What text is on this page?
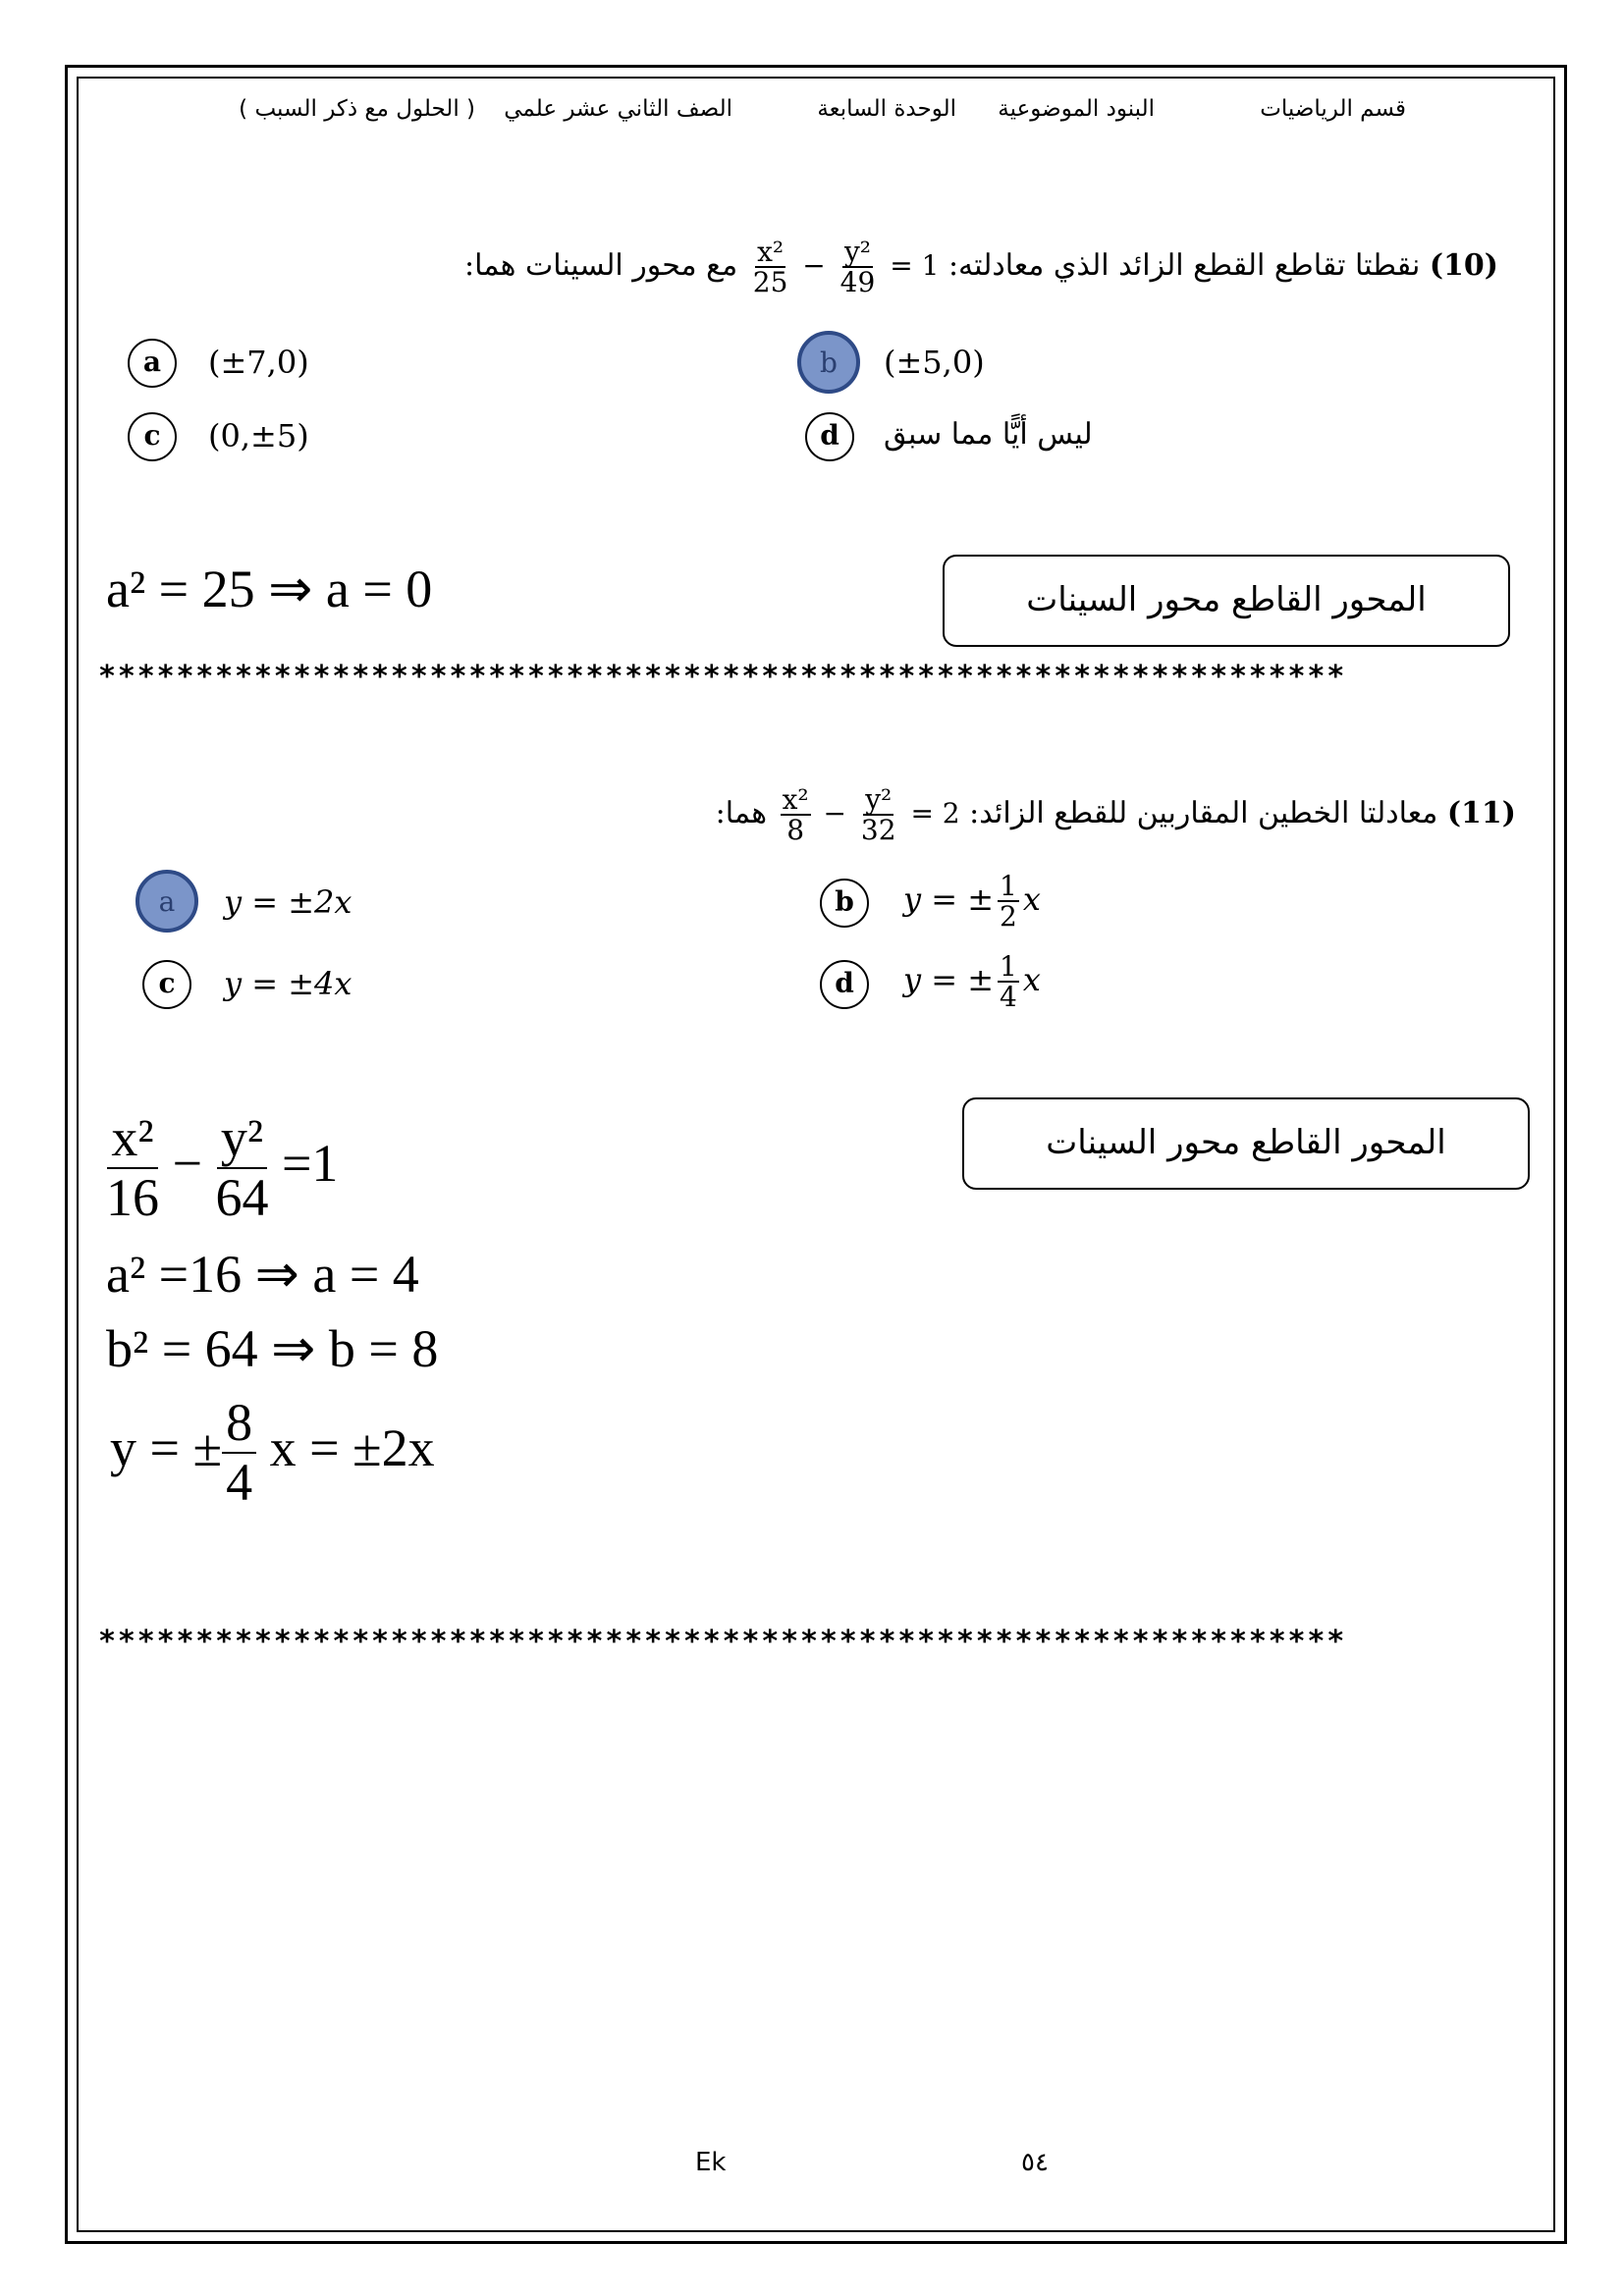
قسم الرياضيات
البنود الموضوعية
الوحدة السابعة
الصف الثاني عشر علمي
( الحلول مع ذكر السبب )
(10) نقطتا تقاطع القطع الزائد الذي معادلته:
$\frac{\text{x²}}{25} - \frac{\text{y²}}{49} = 1$ مع محور السينات هما:
a	(±7,0)	b	(±5,0)
c	(0,±5)	d	ليس أيًّا مما سبق
a² = 25 ⇒ a = 0	المحور القاطع محور السينات
****************************************************************
(11) معادلتا الخطين المقاربين للقطع الزائد:
$\frac{\text{x²}}{8} - \frac{\text{y²}}{32} = 2$ هما:
a	y = ±2x	b	y = ± $\frac{1}{2}$ x
c	y = ±4x	d	y = ± $\frac{1}{4}$ x
المحور القاطع محور السينات
$\frac{\text{x²}}{16} - \frac{\text{y²}}{64} =1$
a² =16 ⇒ a = 4
b² = 64 ⇒ b = 8
y = ± $\frac{8}{4}$ x = ±2x
****************************************************************
Ek	٥٤
